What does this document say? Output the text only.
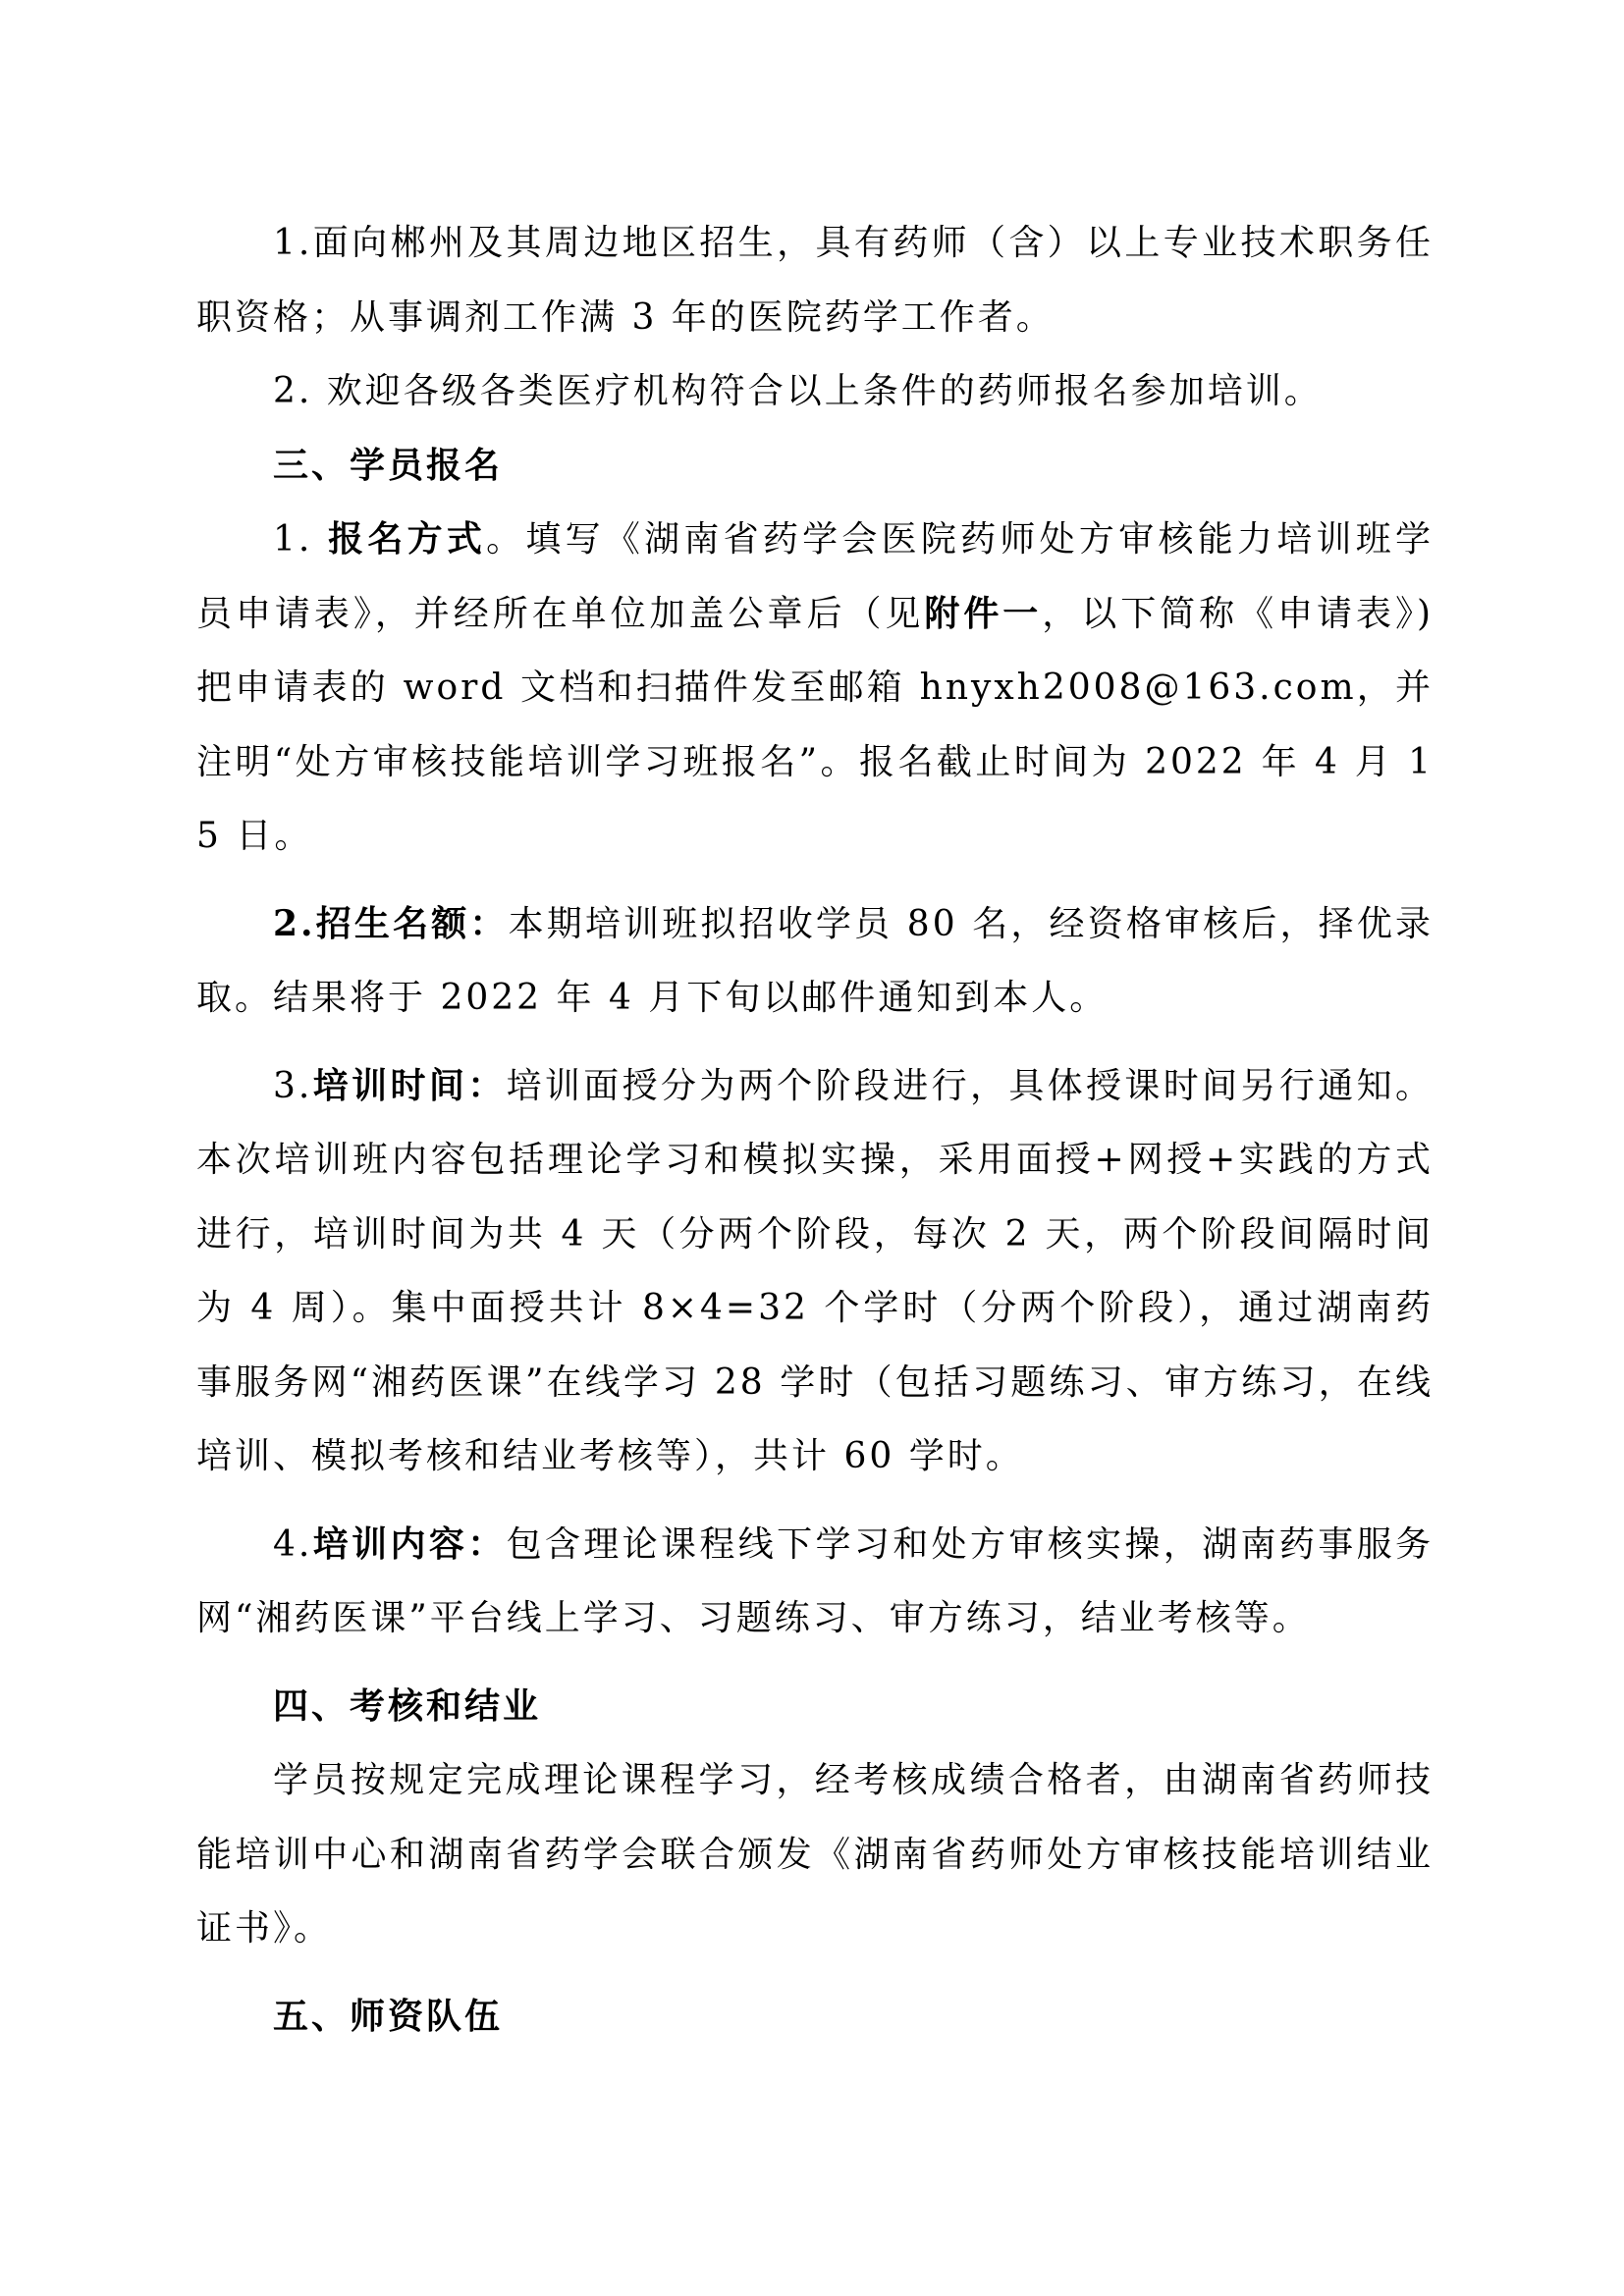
1.面向郴州及其周边地区招生，具有药师（含）以上专业技术职务任职资格；从事调剂工作满 3 年的医院药学工作者。

2. 欢迎各级各类医疗机构符合以上条件的药师报名参加培训。

三、学员报名

1. 报名方式。填写《湖南省药学会医院药师处方审核能力培训班学员申请表》，并经所在单位加盖公章后（见附件一，以下简称《申请表》)把申请表的 word 文档和扫描件发至邮箱 hnyxh2008@163.com，并注明“处方审核技能培训学习班报名”。报名截止时间为 2022 年 4 月 15 日。

2.招生名额：本期培训班拟招收学员 80 名，经资格审核后，择优录取。结果将于 2022 年 4 月下旬以邮件通知到本人。

3.培训时间：培训面授分为两个阶段进行，具体授课时间另行通知。本次培训班内容包括理论学习和模拟实操，采用面授+网授+实践的方式进行，培训时间为共 4 天（分两个阶段，每次 2 天，两个阶段间隔时间为 4 周）。集中面授共计 8×4=32 个学时（分两个阶段），通过湖南药事服务网“湘药医课”在线学习 28 学时（包括习题练习、审方练习，在线培训、模拟考核和结业考核等），共计 60 学时。

4.培训内容：包含理论课程线下学习和处方审核实操，湖南药事服务网“湘药医课”平台线上学习、习题练习、审方练习，结业考核等。

四、考核和结业

学员按规定完成理论课程学习，经考核成绩合格者，由湖南省药师技能培训中心和湖南省药学会联合颁发《湖南省药师处方审核技能培训结业证书》。

五、师资队伍
